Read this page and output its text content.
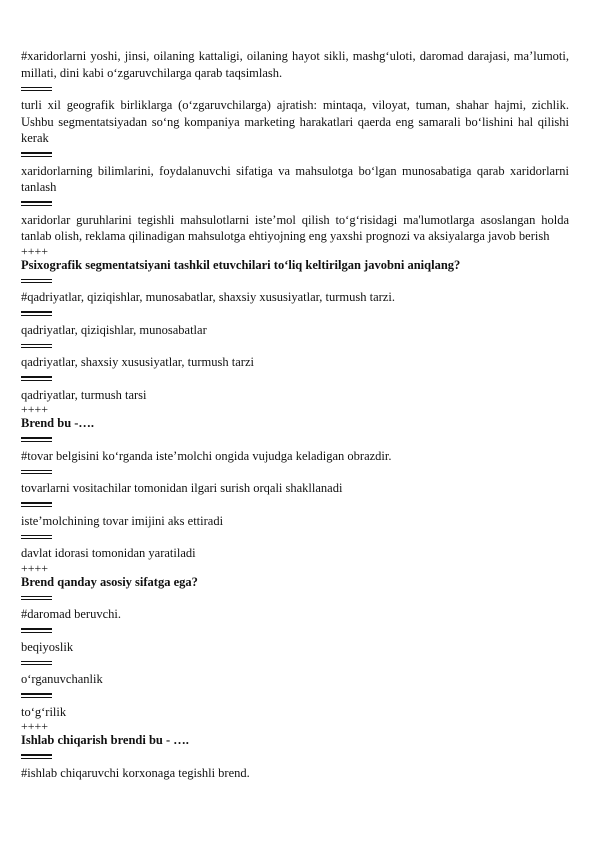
#xaridorlarni yoshi, jinsi, oilaning kattaligi, oilaning hayot sikli, mashg‘uloti, daromad darajasi, ma’lumoti, millati, dini kabi o‘zgaruvchilarga qarab taqsimlash.

turli xil geografik birliklarga (o‘zgaruvchilarga) ajratish: mintaqa, viloyat, tuman, shahar hajmi, zichlik. Ushbu segmentatsiyadan so‘ng kompaniya marketing harakatlari qaerda eng samarali bo‘lishini hal qilishi kerak

xaridorlarning bilimlarini, foydalanuvchi sifatiga va mahsulotga bo‘lgan munosabatiga qarab xaridorlarni tanlash

xaridorlar guruhlarini tegishli mahsulotlarni iste’mol qilish to‘g‘risidagi ma'lumotlarga asoslangan holda tanlab olish, reklama qilinadigan mahsulotga ehtiyojning eng yaxshi prognozi va aksiyalarga javob berish

++++

Psixografik segmentatsiyani tashkil etuvchilari to‘liq keltirilgan javobni aniqlang?

#qadriyatlar, qiziqishlar, munosabatlar, shaxsiy xususiyatlar, turmush tarzi.

qadriyatlar, qiziqishlar, munosabatlar

qadriyatlar, shaxsiy xususiyatlar, turmush tarzi

qadriyatlar, turmush tarsi

++++

Brend bu -….

#tovar belgisini ko‘rganda iste’molchi ongida vujudga keladigan obrazdir.

tovarlarni vositachilar tomonidan ilgari surish orqali shakllanadi

iste’molchining tovar imijini aks ettiradi

davlat idorasi tomonidan yaratiladi

++++

Brend qanday asosiy sifatga ega?

#daromad beruvchi.

beqiyoslik

o‘rganuvchanlik

to‘g‘rilik

++++

Ishlab chiqarish brendi bu - ….

#ishlab chiqaruvchi korxonaga tegishli brend.
